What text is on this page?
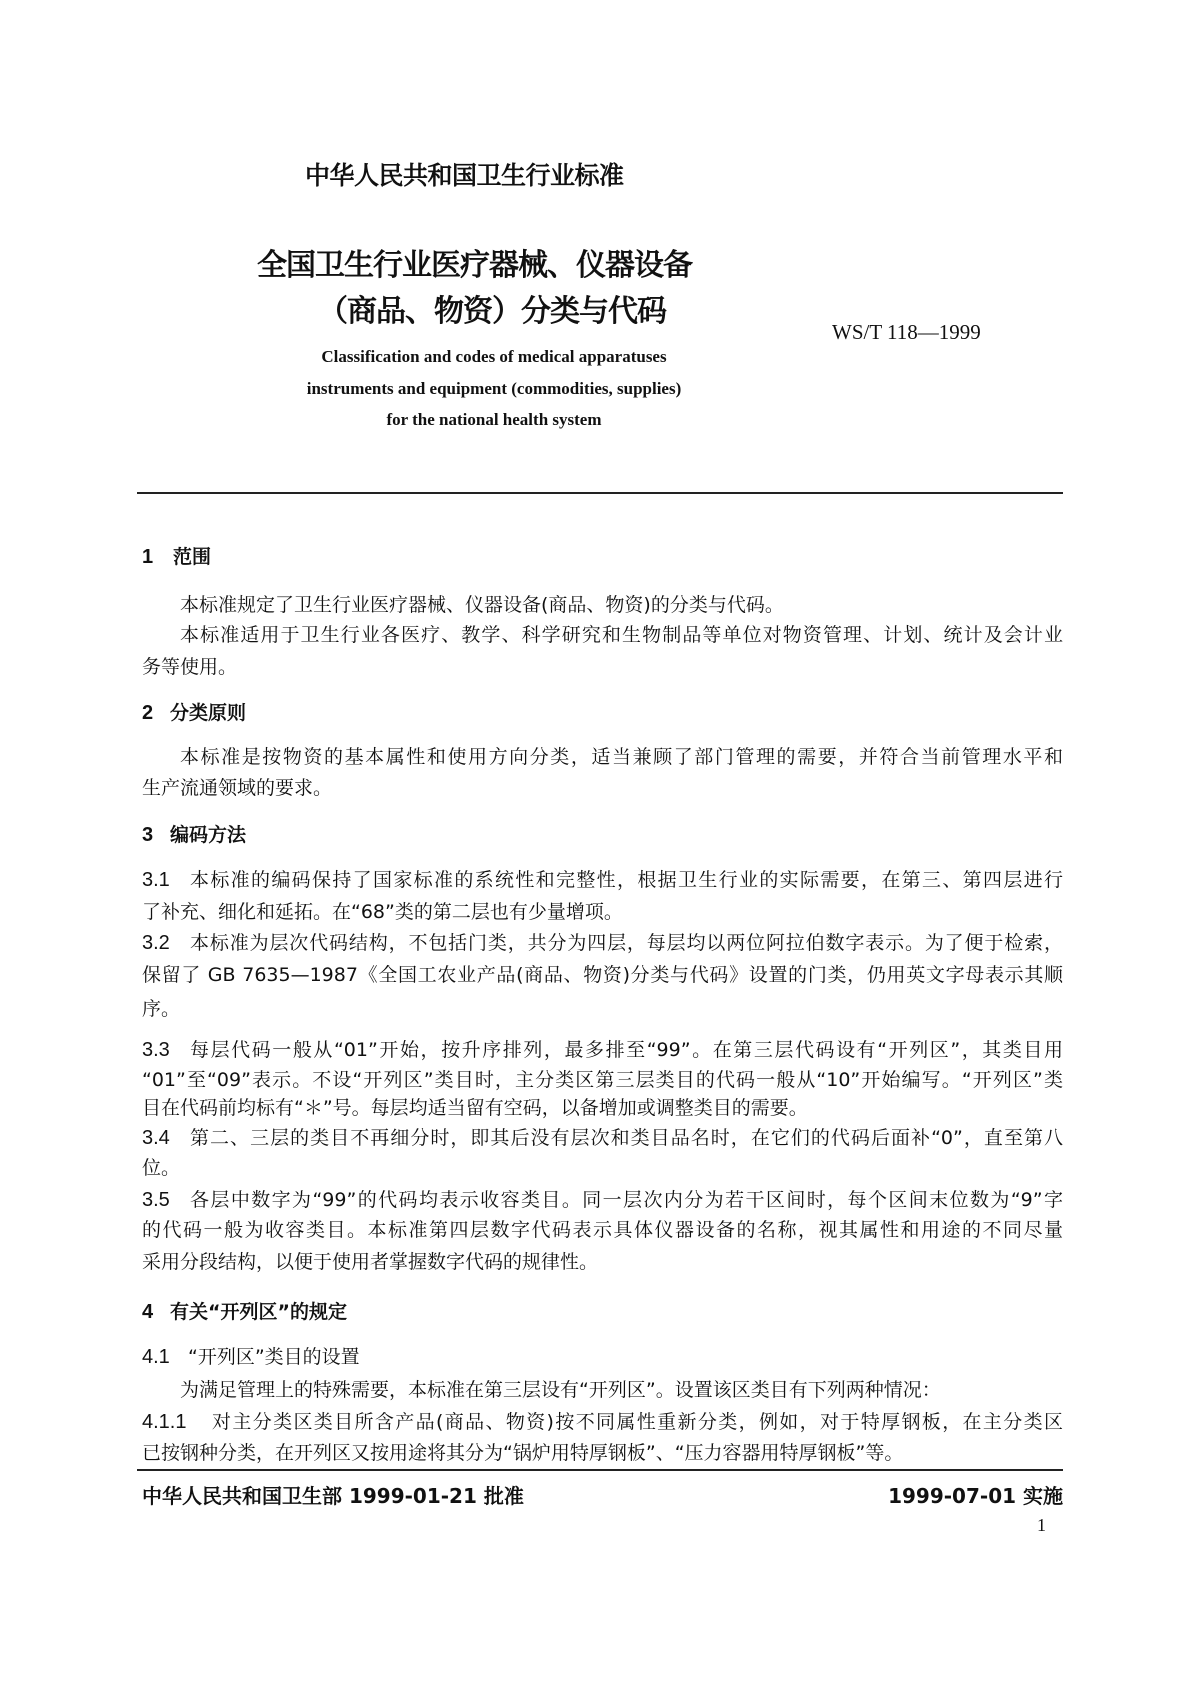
中华人民共和国卫生行业标准
全国卫生行业医疗器械、仪器设备
（商品、物资）分类与代码
WS/T 118—1999
Classification and codes of medical apparatuses
instruments and equipment (commodities, supplies)
for the national health system
1 范围
本标准规定了卫生行业医疗器械、仪器设备(商品、物资)的分类与代码。
本标准适用于卫生行业各医疗、教学、科学研究和生物制品等单位对物资管理、计划、统计及会计业
务等使用。
2 分类原则
本标准是按物资的基本属性和使用方向分类，适当兼顾了部门管理的需要，并符合当前管理水平和
生产流通领域的要求。
3 编码方法
3.1 本标准的编码保持了国家标准的系统性和完整性，根据卫生行业的实际需要，在第三、第四层进行
了补充、细化和延拓。在“68”类的第二层也有少量增项。
3.2 本标准为层次代码结构，不包括门类，共分为四层，每层均以两位阿拉伯数字表示。为了便于检索，
保留了 GB 7635—1987《全国工农业产品(商品、物资)分类与代码》设置的门类，仍用英文字母表示其顺
序。
3.3 每层代码一般从“01”开始，按升序排列，最多排至“99”。在第三层代码设有“开列区”，其类目用
“01”至“09”表示。不设“开列区”类目时，主分类区第三层类目的代码一般从“10”开始编写。“开列区”类
目在代码前均标有“＊”号。每层均适当留有空码，以备增加或调整类目的需要。
3.4 第二、三层的类目不再细分时，即其后没有层次和类目品名时，在它们的代码后面补“0”，直至第八
位。
3.5 各层中数字为“99”的代码均表示收容类目。同一层次内分为若干区间时，每个区间末位数为“9”字
的代码一般为收容类目。本标准第四层数字代码表示具体仪器设备的名称，视其属性和用途的不同尽量
采用分段结构，以便于使用者掌握数字代码的规律性。
4 有关“开列区”的规定
4.1 “开列区”类目的设置
为满足管理上的特殊需要，本标准在第三层设有“开列区”。设置该区类目有下列两种情况：
4.1.1 对主分类区类目所含产品(商品、物资)按不同属性重新分类，例如，对于特厚钢板，在主分类区
已按钢种分类，在开列区又按用途将其分为“锅炉用特厚钢板”、“压力容器用特厚钢板”等。
中华人民共和国卫生部 1999-01-21 批准	1999-07-01 实施
1
